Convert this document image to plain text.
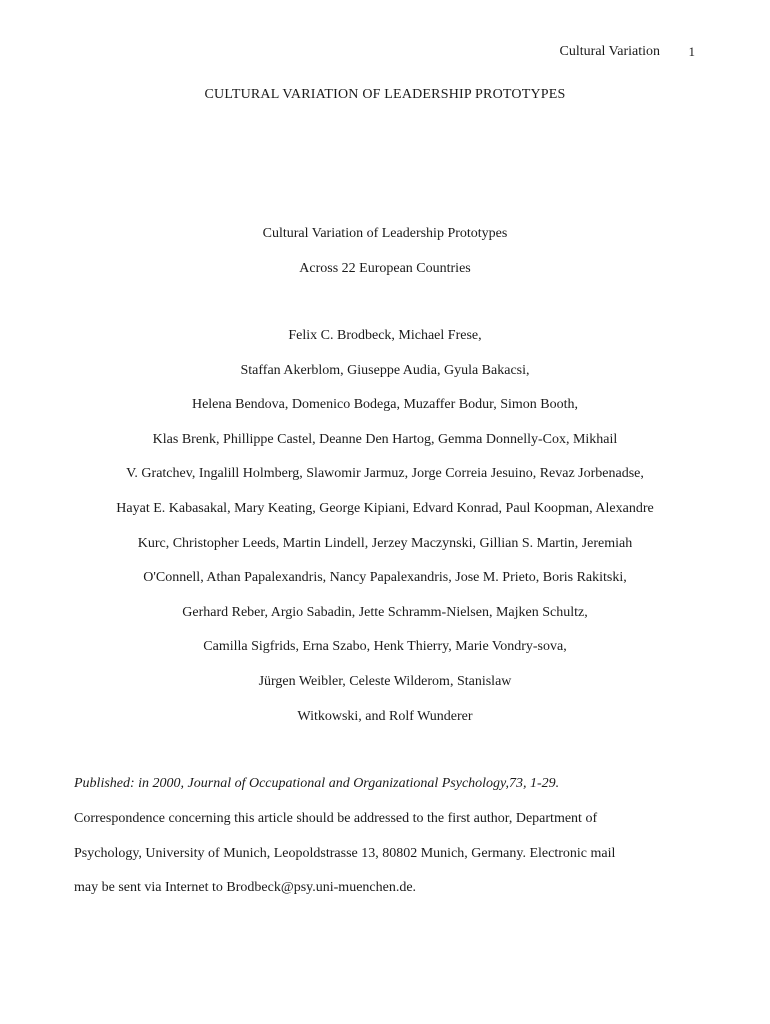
Cultural Variation 1
CULTURAL VARIATION OF LEADERSHIP PROTOTYPES
Cultural Variation of Leadership Prototypes
Across 22 European Countries
Felix C. Brodbeck, Michael Frese,
Staffan Akerblom, Giuseppe Audia, Gyula Bakacsi,
Helena Bendova, Domenico Bodega, Muzaffer Bodur, Simon Booth,
Klas Brenk, Phillippe Castel, Deanne Den Hartog, Gemma Donnelly-Cox, Mikhail
V. Gratchev, Ingalill Holmberg, Slawomir Jarmuz, Jorge Correia Jesuino, Revaz Jorbenadse,
Hayat E. Kabasakal, Mary Keating, George Kipiani, Edvard Konrad, Paul Koopman, Alexandre
Kurc, Christopher Leeds, Martin Lindell, Jerzey Maczynski, Gillian S. Martin, Jeremiah
O'Connell, Athan Papalexandris, Nancy Papalexandris, Jose M. Prieto, Boris Rakitski,
Gerhard Reber, Argio Sabadin, Jette Schramm-Nielsen, Majken Schultz,
Camilla Sigfrids, Erna Szabo, Henk Thierry, Marie Vondry-sova,
Jürgen Weibler, Celeste Wilderom, Stanislaw
Witkowski, and Rolf Wunderer
Published: in 2000, Journal of Occupational and Organizational Psychology,73, 1-29.
Correspondence concerning this article should be addressed to the first author, Department of
Psychology, University of Munich, Leopoldstrasse 13, 80802 Munich, Germany. Electronic mail
may be sent via Internet to Brodbeck@psy.uni-muenchen.de.
